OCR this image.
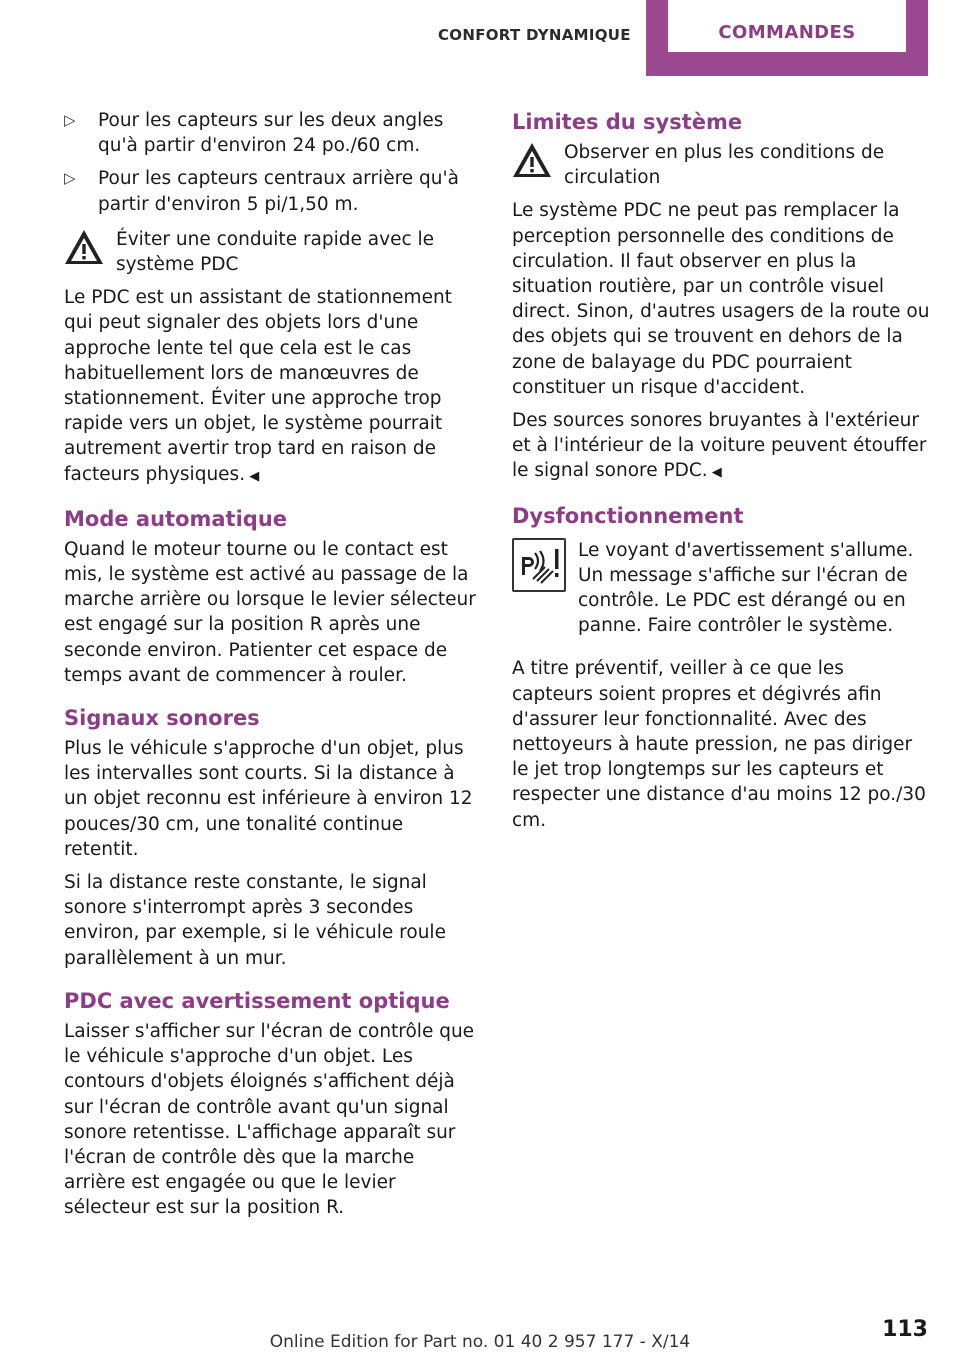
CONFORT DYNAMIQUE	COMMANDES
▷ Pour les capteurs sur les deux angles qu'à partir d'environ 24 po./60 cm.
▷ Pour les capteurs centraux arrière qu'à partir d'environ 5 pi/1,50 m.
Éviter une conduite rapide avec le système PDC

Le PDC est un assistant de stationnement qui peut signaler des objets lors d'une approche lente tel que cela est le cas habituellement lors de manœuvres de stationnement. Éviter une approche trop rapide vers un objet, le système pourrait autrement avertir trop tard en raison de facteurs physiques. ◀

Mode automatique

Quand le moteur tourne ou le contact est mis, le système est activé au passage de la marche arrière ou lorsque le levier sélecteur est engagé sur la position R après une seconde environ. Patienter cet espace de temps avant de commencer à rouler.

Signaux sonores

Plus le véhicule s'approche d'un objet, plus les intervalles sont courts. Si la distance à un objet reconnu est inférieure à environ 12 pouces/30 cm, une tonalité continue retentit.

Si la distance reste constante, le signal sonore s'interrompt après 3 secondes environ, par exemple, si le véhicule roule parallèlement à un mur.

PDC avec avertissement optique

Laisser s'afficher sur l'écran de contrôle que le véhicule s'approche d'un objet. Les contours d'objets éloignés s'affichent déjà sur l'écran de contrôle avant qu'un signal sonore retentisse. L'affichage apparaît sur l'écran de contrôle dès que la marche arrière est engagée ou que le levier sélecteur est sur la position R.

Limites du système
Observer en plus les conditions de circulation

Le système PDC ne peut pas remplacer la perception personnelle des conditions de circulation. Il faut observer en plus la situation routière, par un contrôle visuel direct. Sinon, d'autres usagers de la route ou des objets qui se trouvent en dehors de la zone de balayage du PDC pourraient constituer un risque d'accident.

Des sources sonores bruyantes à l'extérieur et à l'intérieur de la voiture peuvent étouffer le signal sonore PDC. ◀

Dysfonctionnement
Le voyant d'avertissement s'allume. Un message s'affiche sur l'écran de contrôle. Le PDC est dérangé ou en panne. Faire contrôler le système.

A titre préventif, veiller à ce que les capteurs soient propres et dégivrés afin d'assurer leur fonctionnalité. Avec des nettoyeurs à haute pression, ne pas diriger le jet trop longtemps sur les capteurs et respecter une distance d'au moins 12 po./30 cm.

113
Online Edition for Part no. 01 40 2 957 177 - X/14
